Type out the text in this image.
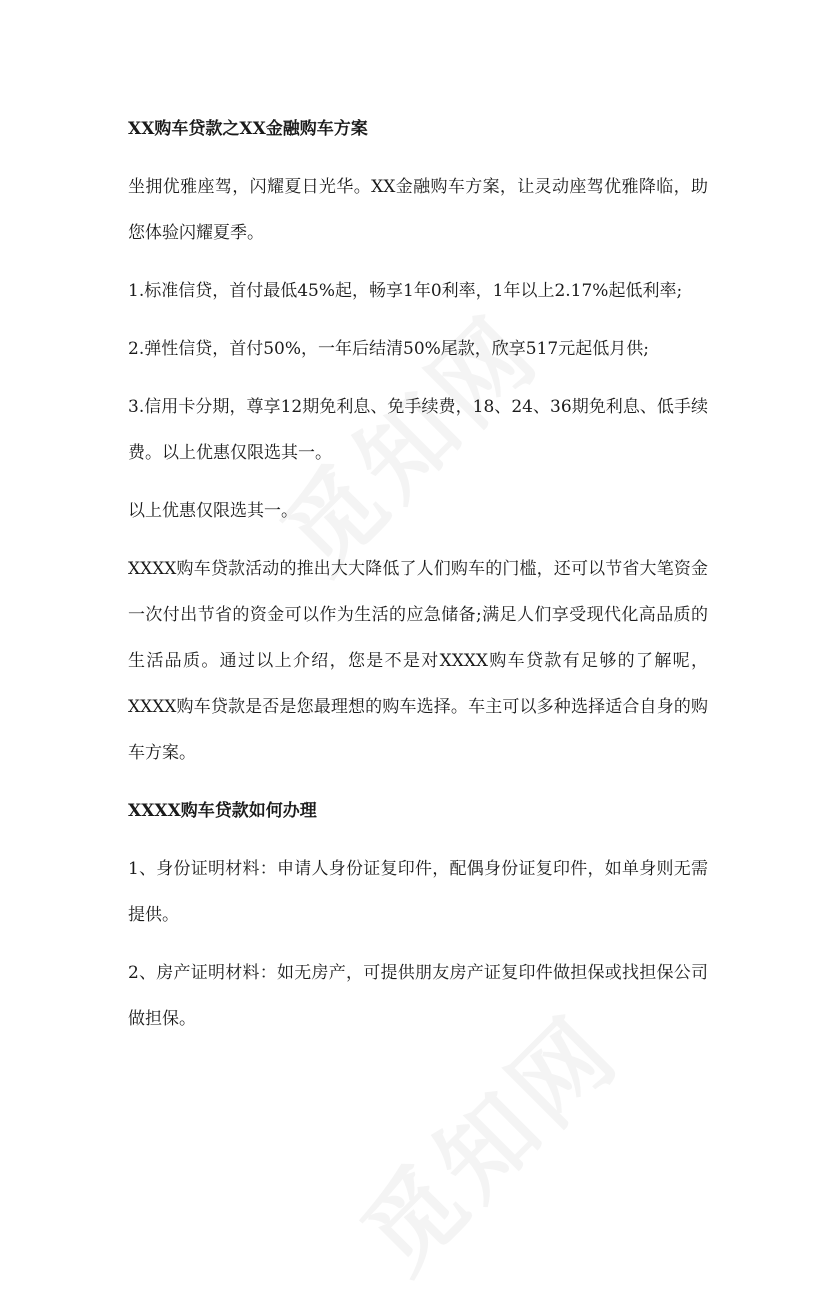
XX购车贷款之XX金融购车方案
坐拥优雅座驾，闪耀夏日光华。XX金融购车方案，让灵动座驾优雅降临，助您体验闪耀夏季。
1.标准信贷，首付最低45%起，畅享1年0利率，1年以上2.17%起低利率;
2.弹性信贷，首付50%，一年后结清50%尾款，欣享517元起低月供;
3.信用卡分期，尊享12期免利息、免手续费，18、24、36期免利息、低手续费。以上优惠仅限选其一。
以上优惠仅限选其一。
XXXX购车贷款活动的推出大大降低了人们购车的门槛，还可以节省大笔资金一次付出节省的资金可以作为生活的应急储备;满足人们享受现代化高品质的生活品质。通过以上介绍，您是不是对XXXX购车贷款有足够的了解呢，XXXX购车贷款是否是您最理想的购车选择。车主可以多种选择适合自身的购车方案。
XXXX购车贷款如何办理
1、身份证明材料：申请人身份证复印件，配偶身份证复印件，如单身则无需提供。
2、房产证明材料：如无房产，可提供朋友房产证复印件做担保或找担保公司做担保。
